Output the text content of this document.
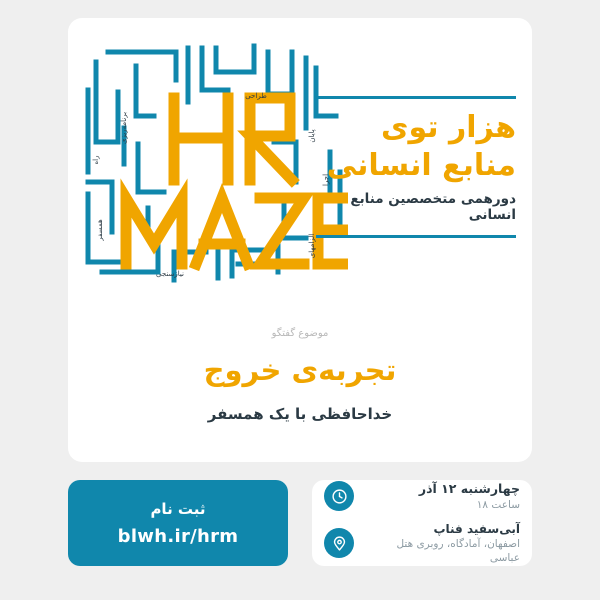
برنامه‌ریزی
طراحی
پایان
راه
اجرا
الزامهای
همسفر
نیازسنجی
هزار توی
منابع انسانی
دورهمی متخصصین منابع انسانی
موضوع گفتگو
تجربه‌ی خروج
خداحافظی با یک همسفر
ثبت نام
blwh.ir/hrm
چهارشنبه ۱۲ آذر
ساعت ۱۸
آبی‌سفید فناپ
اصفهان، آمادگاه، روبری هتل عباسی
